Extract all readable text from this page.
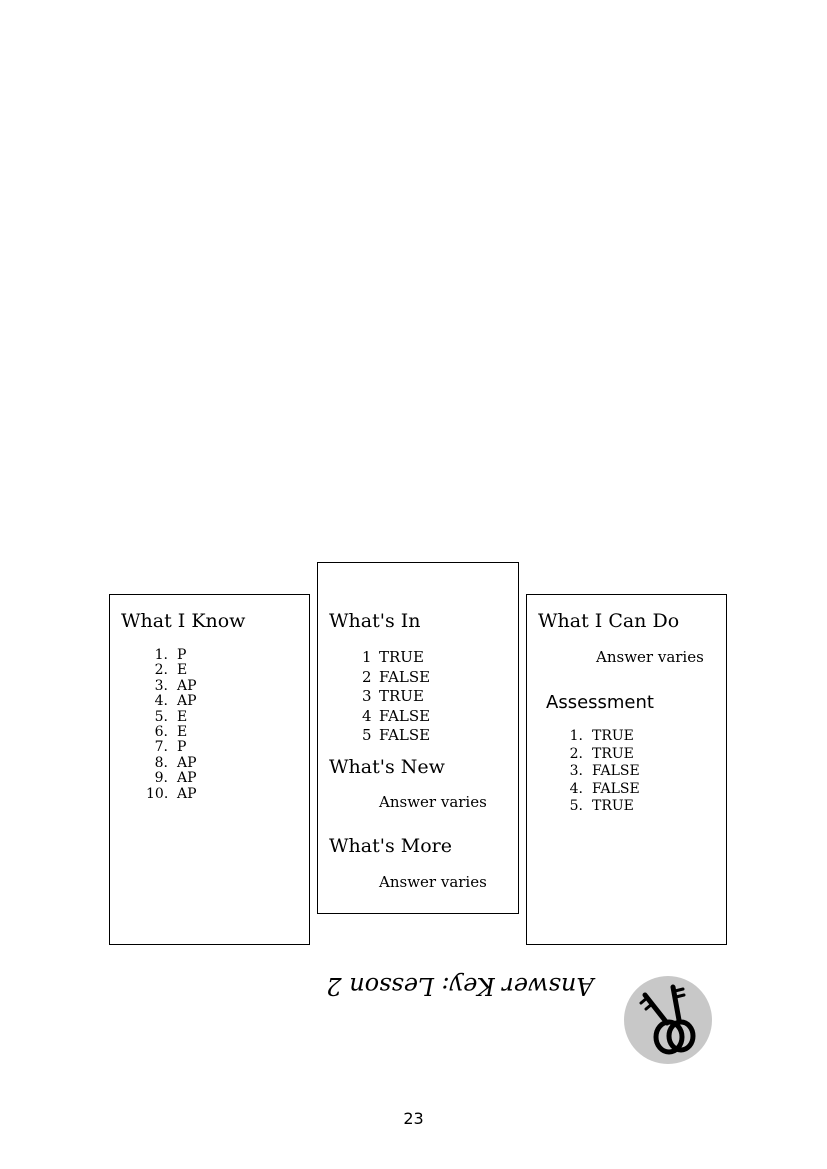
What I Know
1. P
2. E
3. AP
4. AP
5. E
6. E
7. P
8. AP
9. AP
10. AP
What's In
1 TRUE
2 FALSE
3 TRUE
4 FALSE
5 FALSE
What's New
Answer varies
What's More
Answer varies
What I Can Do
Answer varies
Assessment
1. TRUE
2. TRUE
3. FALSE
4. FALSE
5. TRUE
Answer Key: Lesson 2
23
